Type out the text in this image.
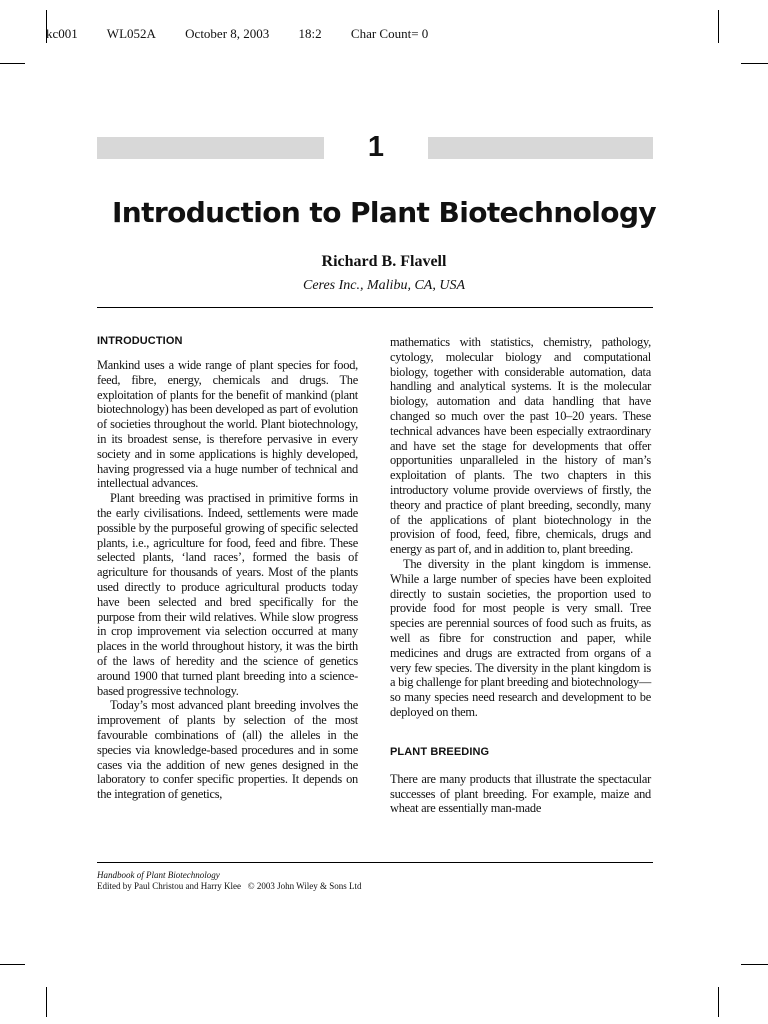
kc001 WL052A October 8, 2003 18:2 Char Count= 0
1
Introduction to Plant Biotechnology
Richard B. Flavell
Ceres Inc., Malibu, CA, USA
INTRODUCTION

Mankind uses a wide range of plant species for food, feed, fibre, energy, chemicals and drugs. The exploitation of plants for the benefit of mankind (plant biotechnology) has been developed as part of evolution of societies throughout the world. Plant biotechnology, in its broadest sense, is therefore pervasive in every society and in some applications is highly developed, having progressed via a huge number of technical and intellectual advances.

Plant breeding was practised in primitive forms in the early civilisations. Indeed, settlements were made possible by the purposeful growing of specific selected plants, i.e., agriculture for food, feed and fibre. These selected plants, ‘land races’, formed the basis of agriculture for thousands of years. Most of the plants used directly to produce agricultural products today have been selected and bred specifically for the purpose from their wild relatives. While slow progress in crop improvement via selection occurred at many places in the world throughout history, it was the birth of the laws of heredity and the science of genetics around 1900 that turned plant breeding into a science-based progressive technology.

Today’s most advanced plant breeding involves the improvement of plants by selection of the most favourable combinations of (all) the alleles in the species via knowledge-based procedures and in some cases via the addition of new genes designed in the laboratory to confer specific properties. It depends on the integration of genetics,

mathematics with statistics, chemistry, pathology, cytology, molecular biology and computational biology, together with considerable automation, data handling and analytical systems. It is the molecular biology, automation and data handling that have changed so much over the past 10–20 years. These technical advances have been especially extraordinary and have set the stage for developments that offer opportunities unparalleled in the history of man’s exploitation of plants. The two chapters in this introductory volume provide overviews of firstly, the theory and practice of plant breeding, secondly, many of the applications of plant biotechnology in the provision of food, feed, fibre, chemicals, drugs and energy as part of, and in addition to, plant breeding.

The diversity in the plant kingdom is immense. While a large number of species have been exploited directly to sustain societies, the proportion used to provide food for most people is very small. Tree species are perennial sources of food such as fruits, as well as fibre for construction and paper, while medicines and drugs are extracted from organs of a very few species. The diversity in the plant kingdom is a big challenge for plant breeding and biotechnology—so many species need research and development to be deployed on them.

PLANT BREEDING

There are many products that illustrate the spectacular successes of plant breeding. For example, maize and wheat are essentially man-made

Handbook of Plant Biotechnology
Edited by Paul Christou and Harry Klee © 2003 John Wiley & Sons Ltd
